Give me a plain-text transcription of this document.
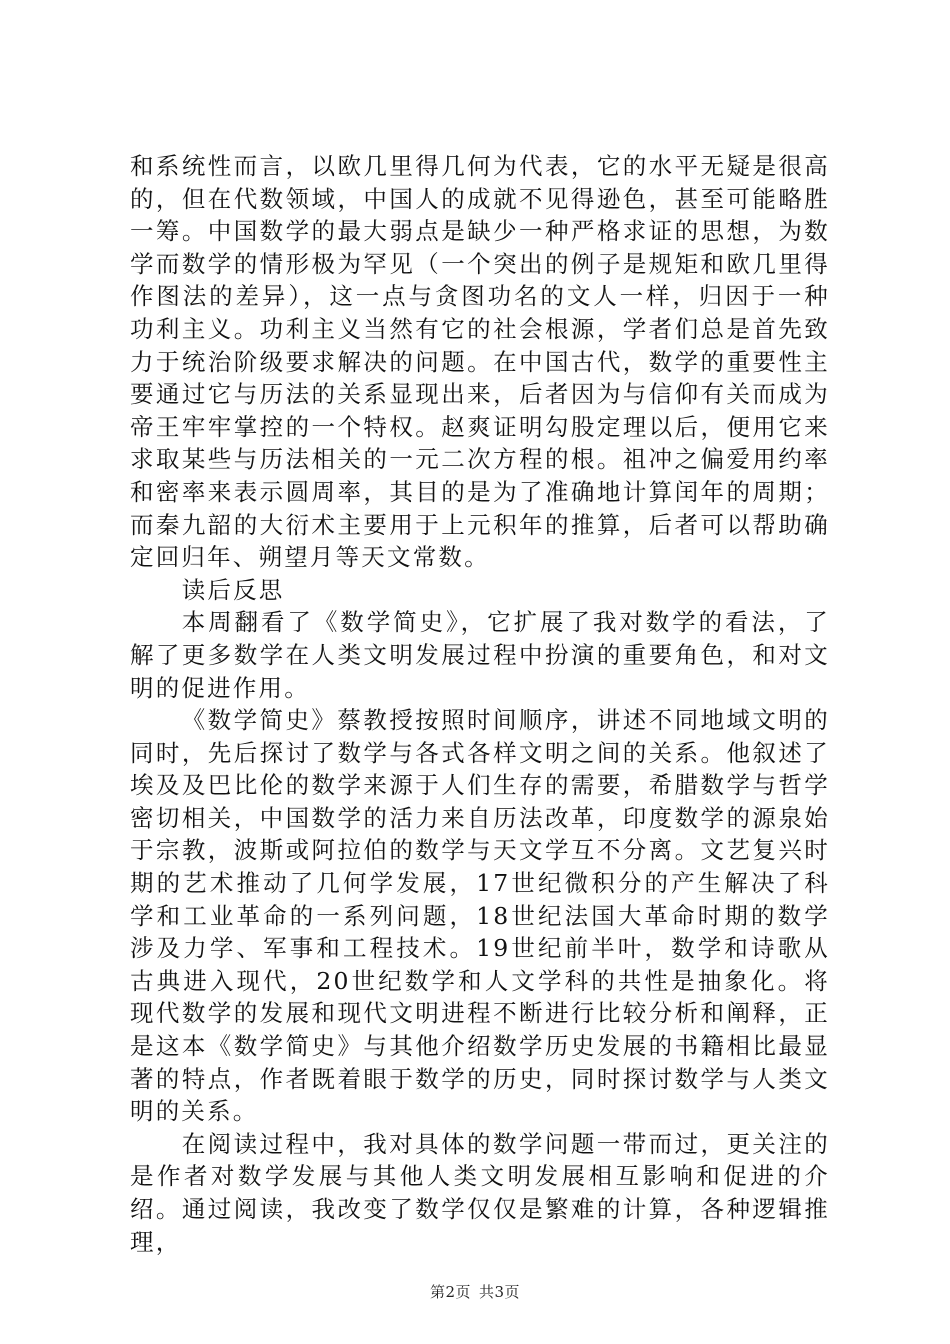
和系统性而言，以欧几里得几何为代表，它的水平无疑是很高的，但在代数领域，中国人的成就不见得逊色，甚至可能略胜一筹。中国数学的最大弱点是缺少一种严格求证的思想，为数学而数学的情形极为罕见（一个突出的例子是规矩和欧几里得作图法的差异），这一点与贪图功名的文人一样，归因于一种功利主义。功利主义当然有它的社会根源，学者们总是首先致力于统治阶级要求解决的问题。在中国古代，数学的重要性主要通过它与历法的关系显现出来，后者因为与信仰有关而成为帝王牢牢掌控的一个特权。赵爽证明勾股定理以后，便用它来求取某些与历法相关的一元二次方程的根。祖冲之偏爱用约率和密率来表示圆周率，其目的是为了准确地计算闰年的周期；而秦九韶的大衍术主要用于上元积年的推算，后者可以帮助确定回归年、朔望月等天文常数。

读后反思

本周翻看了《数学简史》，它扩展了我对数学的看法，了解了更多数学在人类文明发展过程中扮演的重要角色，和对文明的促进作用。

《数学简史》蔡教授按照时间顺序，讲述不同地域文明的同时，先后探讨了数学与各式各样文明之间的关系。他叙述了埃及及巴比伦的数学来源于人们生存的需要，希腊数学与哲学密切相关，中国数学的活力来自历法改革，印度数学的源泉始于宗教，波斯或阿拉伯的数学与天文学互不分离。文艺复兴时期的艺术推动了几何学发展，17世纪微积分的产生解决了科学和工业革命的一系列问题，18世纪法国大革命时期的数学涉及力学、军事和工程技术。19世纪前半叶，数学和诗歌从古典进入现代，20世纪数学和人文学科的共性是抽象化。将现代数学的发展和现代文明进程不断进行比较分析和阐释，正是这本《数学简史》与其他介绍数学历史发展的书籍相比最显著的特点，作者既着眼于数学的历史，同时探讨数学与人类文明的关系。

在阅读过程中，我对具体的数学问题一带而过，更关注的是作者对数学发展与其他人类文明发展相互影响和促进的介绍。通过阅读，我改变了数学仅仅是繁难的计算，各种逻辑推理，

第2页 共3页
